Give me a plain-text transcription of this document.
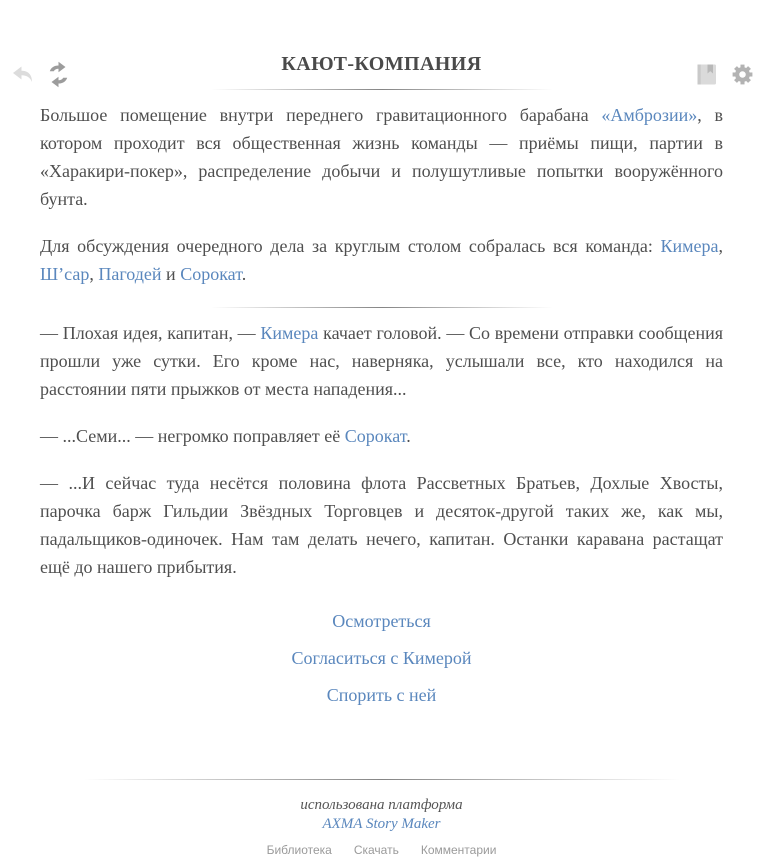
КАЮТ-КОМПАНИЯ

Большое помещение внутри переднего гравитационного барабана «Амброзии», в котором проходит вся общественная жизнь команды — приёмы пищи, партии в «Харакири-покер», распределение добычи и полушутливые попытки вооружённого бунта.

Для обсуждения очередного дела за круглым столом собралась вся команда: Кимера, Ш’сар, Пагодей и Сорокат.

— Плохая идея, капитан, — Кимера качает головой. — Со времени отправки сообщения прошли уже сутки. Его кроме нас, наверняка, услышали все, кто находился на расстоянии пяти прыжков от места нападения...

— ...Семи... — негромко поправляет её Сорокат.

— ...И сейчас туда несётся половина флота Рассветных Братьев, Дохлые Хвосты, парочка барж Гильдии Звёздных Торговцев и десяток-другой таких же, как мы, падальщиков-одиночек. Нам там делать нечего, капитан. Останки каравана растащат ещё до нашего прибытия.

Осмотреться
Согласиться с Кимерой
Спорить с ней
использована платформа
AXMA Story Maker
Библиотека Скачать Комментарии
